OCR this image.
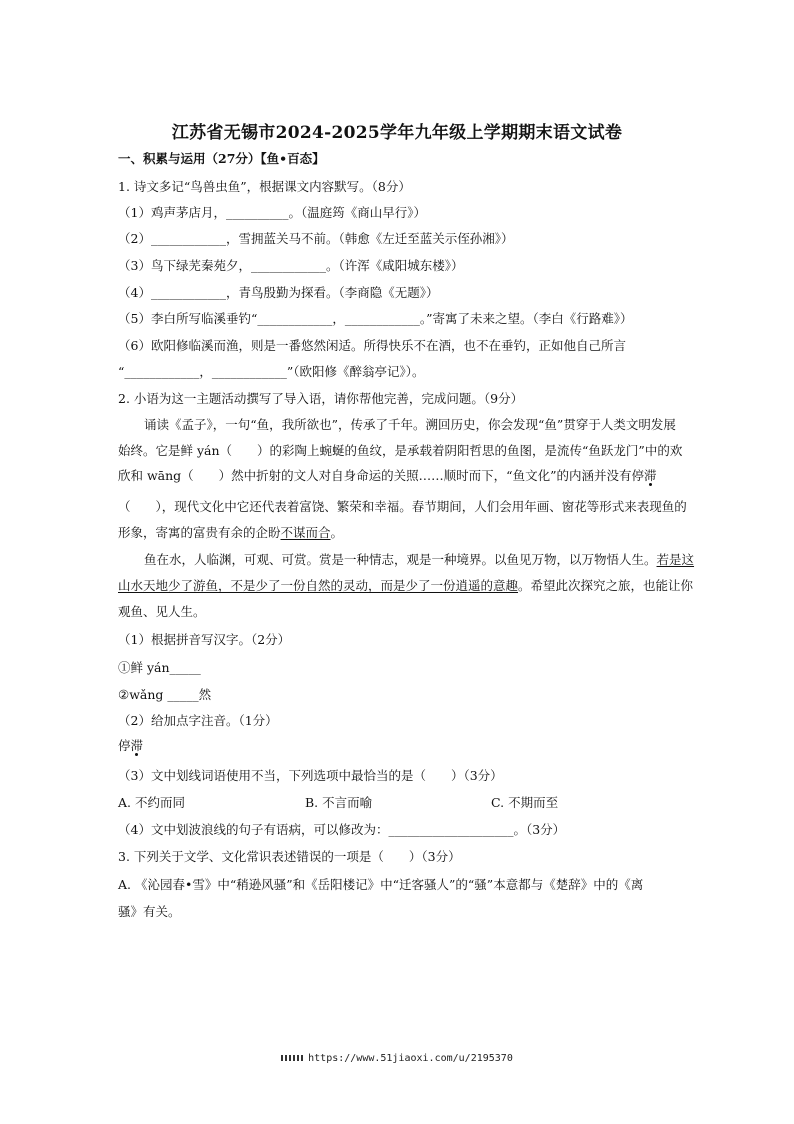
江苏省无锡市2024-2025学年九年级上学期期末语文试卷
一、积累与运用（27分）【鱼•百态】
1. 诗文多记“鸟兽虫鱼”，根据课文内容默写。（8分）
（1）鸡声茅店月，__________。（温庭筠《商山早行》）
（2）____________，雪拥蓝关马不前。（韩愈《左迁至蓝关示侄孙湘》）
（3）鸟下绿芜秦苑夕，____________。（许浑《咸阳城东楼》）
（4）____________，青鸟殷勤为探看。（李商隐《无题》）
（5）李白所写临溪垂钓“____________，____________。”寄寓了未来之望。（李白《行路难》）
（6）欧阳修临溪而渔，则是一番悠然闲适。所得快乐不在酒，也不在垂钓，正如他自己所言
“____________，____________”（欧阳修《醉翁亭记》）。
2. 小语为这一主题活动撰写了导入语，请你帮他完善，完成问题。（9分）
诵读《孟子》，一句“鱼，我所欲也”，传承了千年。溯回历史，你会发现“鱼”贯穿于人类文明发展
始终。它是鲜 yán（　　）的彩陶上蜿蜒的鱼纹，是承载着阴阳哲思的鱼图，是流传“鱼跃龙门”中的欢
欣和 wāng（　　）然中折射的文人对自身命运的关照……顺时而下，“鱼文化”的内涵并没有停滞
（　　），现代文化中它还代表着富饶、繁荣和幸福。春节期间，人们会用年画、窗花等形式来表现鱼的
形象，寄寓的富贵有余的企盼不谋而合。
鱼在水，人临渊，可观、可赏。赏是一种情志，观是一种境界。以鱼见万物，以万物悟人生。若是这
山水天地少了游鱼，不是少了一份自然的灵动，而是少了一份逍遥的意趣。希望此次探究之旅，也能让你
观鱼、见人生。
（1）根据拼音写汉字。（2分）
①鲜 yán_____
②wǎng _____然
（2）给加点字注音。（1分）
停滞
（3）文中划线词语使用不当，下列选项中最恰当的是（　　）（3分）
A. 不约而同	B. 不言而喻	C. 不期而至
（4）文中划波浪线的句子有语病，可以修改为：____________________。（3分）
3. 下列关于文学、文化常识表述错误的一项是（　　）（3分）
A. 《沁园春•雪》中“稍逊风骚”和《岳阳楼记》中“迁客骚人”的“骚”本意都与《楚辞》中的《离
骚》有关。
https://www.51jiaoxi.com/u/2195370
